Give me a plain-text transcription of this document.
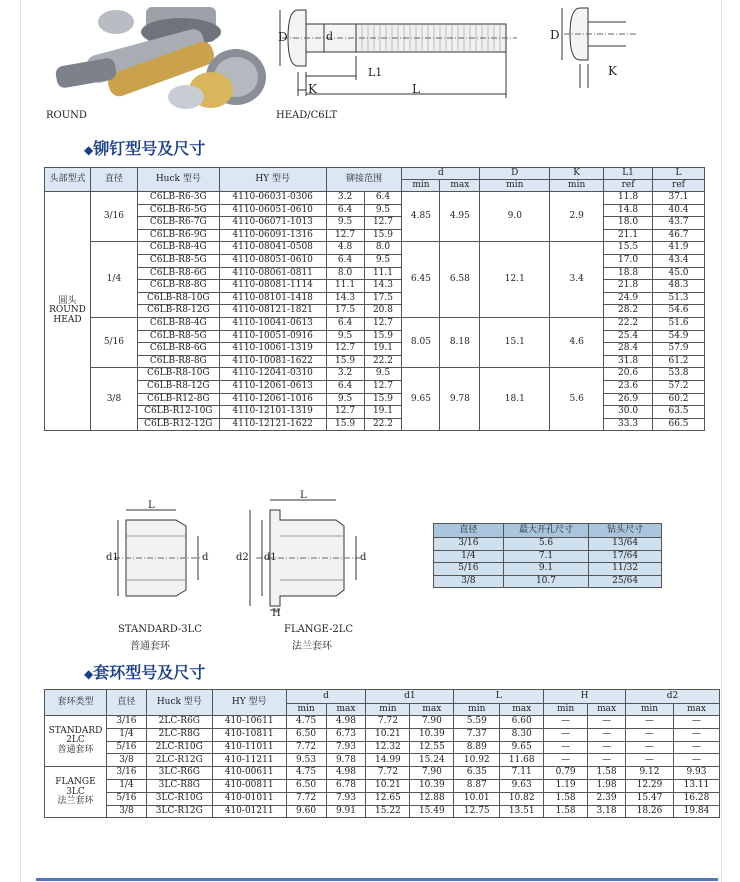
ROUND
D	d
K
L1
L
HEAD/C6LT
D
K
◆铆钉型号及尺寸
头部型式	直径	Huck 型号	HY 型号	铆接范围		d		D	K	L1	L
						min	max	min	min	ref	ref

圆头
ROUND
HEAD	3/16	C6LB-R6-3G	4110-06031-0306	3.2	6.4	4.85	4.95	9.0	2.9	11.8	37.1
		C6LB-R6-5G	4110-06051-0610	6.4	9.5					14.8	40.4
		C6LB-R6-7G	4110-06071-1013	9.5	12.7					18.0	43.7
		C6LB-R6-9G	4110-06091-1316	12.7	15.9					21.1	46.7
	1/4	C6LB-R8-4G	4110-08041-0508	4.8	8.0	6.45	6.58	12.1	3.4	15.5	41.9
		C6LB-R8-5G	4110-08051-0610	6.4	9.5					17.0	43.4
		C6LB-R8-6G	4110-08061-0811	8.0	11.1					18.8	45.0
		C6LB-R8-8G	4110-08081-1114	11.1	14.3					21.8	48.3
		C6LB-R8-10G	4110-08101-1418	14.3	17.5					24.9	51.3
		C6LB-R8-12G	4110-08121-1821	17.5	20.8					28.2	54.6
	5/16	C6LB-R8-4G	4110-10041-0613	6.4	12.7	8.05	8.18	15.1	4.6	22.2	51.6
		C6LB-R8-5G	4110-10051-0916	9.5	15.9					25.4	54.9
		C6LB-R8-6G	4110-10061-1319	12.7	19.1					28.4	57.9
		C6LB-R8-8G	4110-10081-1622	15.9	22.2					31.8	61.2
	3/8	C6LB-R8-10G	4110-12041-0310	3.2	9.5	9.65	9.78	18.1	5.6	20.6	53.8
		C6LB-R8-12G	4110-12061-0613	6.4	12.7					23.6	57.2
		C6LB-R12-8G	4110-12061-1016	9.5	15.9					26.9	60.2
		C6LB-R12-10G	4110-12101-1319	12.7	19.1					30.0	63.5
		C6LB-R12-12G	4110-12121-1622	15.9	22.2					33.3	66.5
L
d1	d
STANDARD-3LC
普通套环
L
d2 d1	d
H
FLANGE-2LC
法兰套环
直径	最大开孔尺寸	钻头尺寸
3/16	5.6	13/64
1/4	7.1	17/64
5/16	9.1	11/32
3/8	10.7	25/64
◆套环型号及尺寸
套环类型	直径	Huck 型号	HY 型号	d		d1		L		H		d2	
				min	max	min	max	min	max	min	max	min	max

STANDARD
2LC
普通套环	3/16	2LC-R6G	410-10611	4.75	4.98	7.72	7.90	5.59	6.60	—	—	—	—
	1/4	2LC-R8G	410-10811	6.50	6.73	10.21	10.39	7.37	8.30	—	—	—	—
	5/16	2LC-R10G	410-11011	7.72	7.93	12.32	12.55	8.89	9.65	—	—	—	—
	3/8	2LC-R12G	410-11211	9.53	9.78	14.99	15.24	10.92	11.68	—	—	—	—

FLANGE
3LC
法兰套环	3/16	3LC-R6G	410-00611	4.75	4.98	7.72	7.90	6.35	7.11	0.79	1.58	9.12	9.93
	1/4	3LC-R8G	410-00811	6.50	6.78	10.21	10.39	8.87	9.63	1.19	1.98	12.29	13.11
	5/16	3LC-R10G	410-01011	7.72	7.93	12.65	12.88	10.01	10.82	1.58	2.39	15.47	16.28
	3/8	3LC-R12G	410-01211	9.60	9.91	15.22	15.49	12.75	13.51	1.58	3.18	18.26	19.84
